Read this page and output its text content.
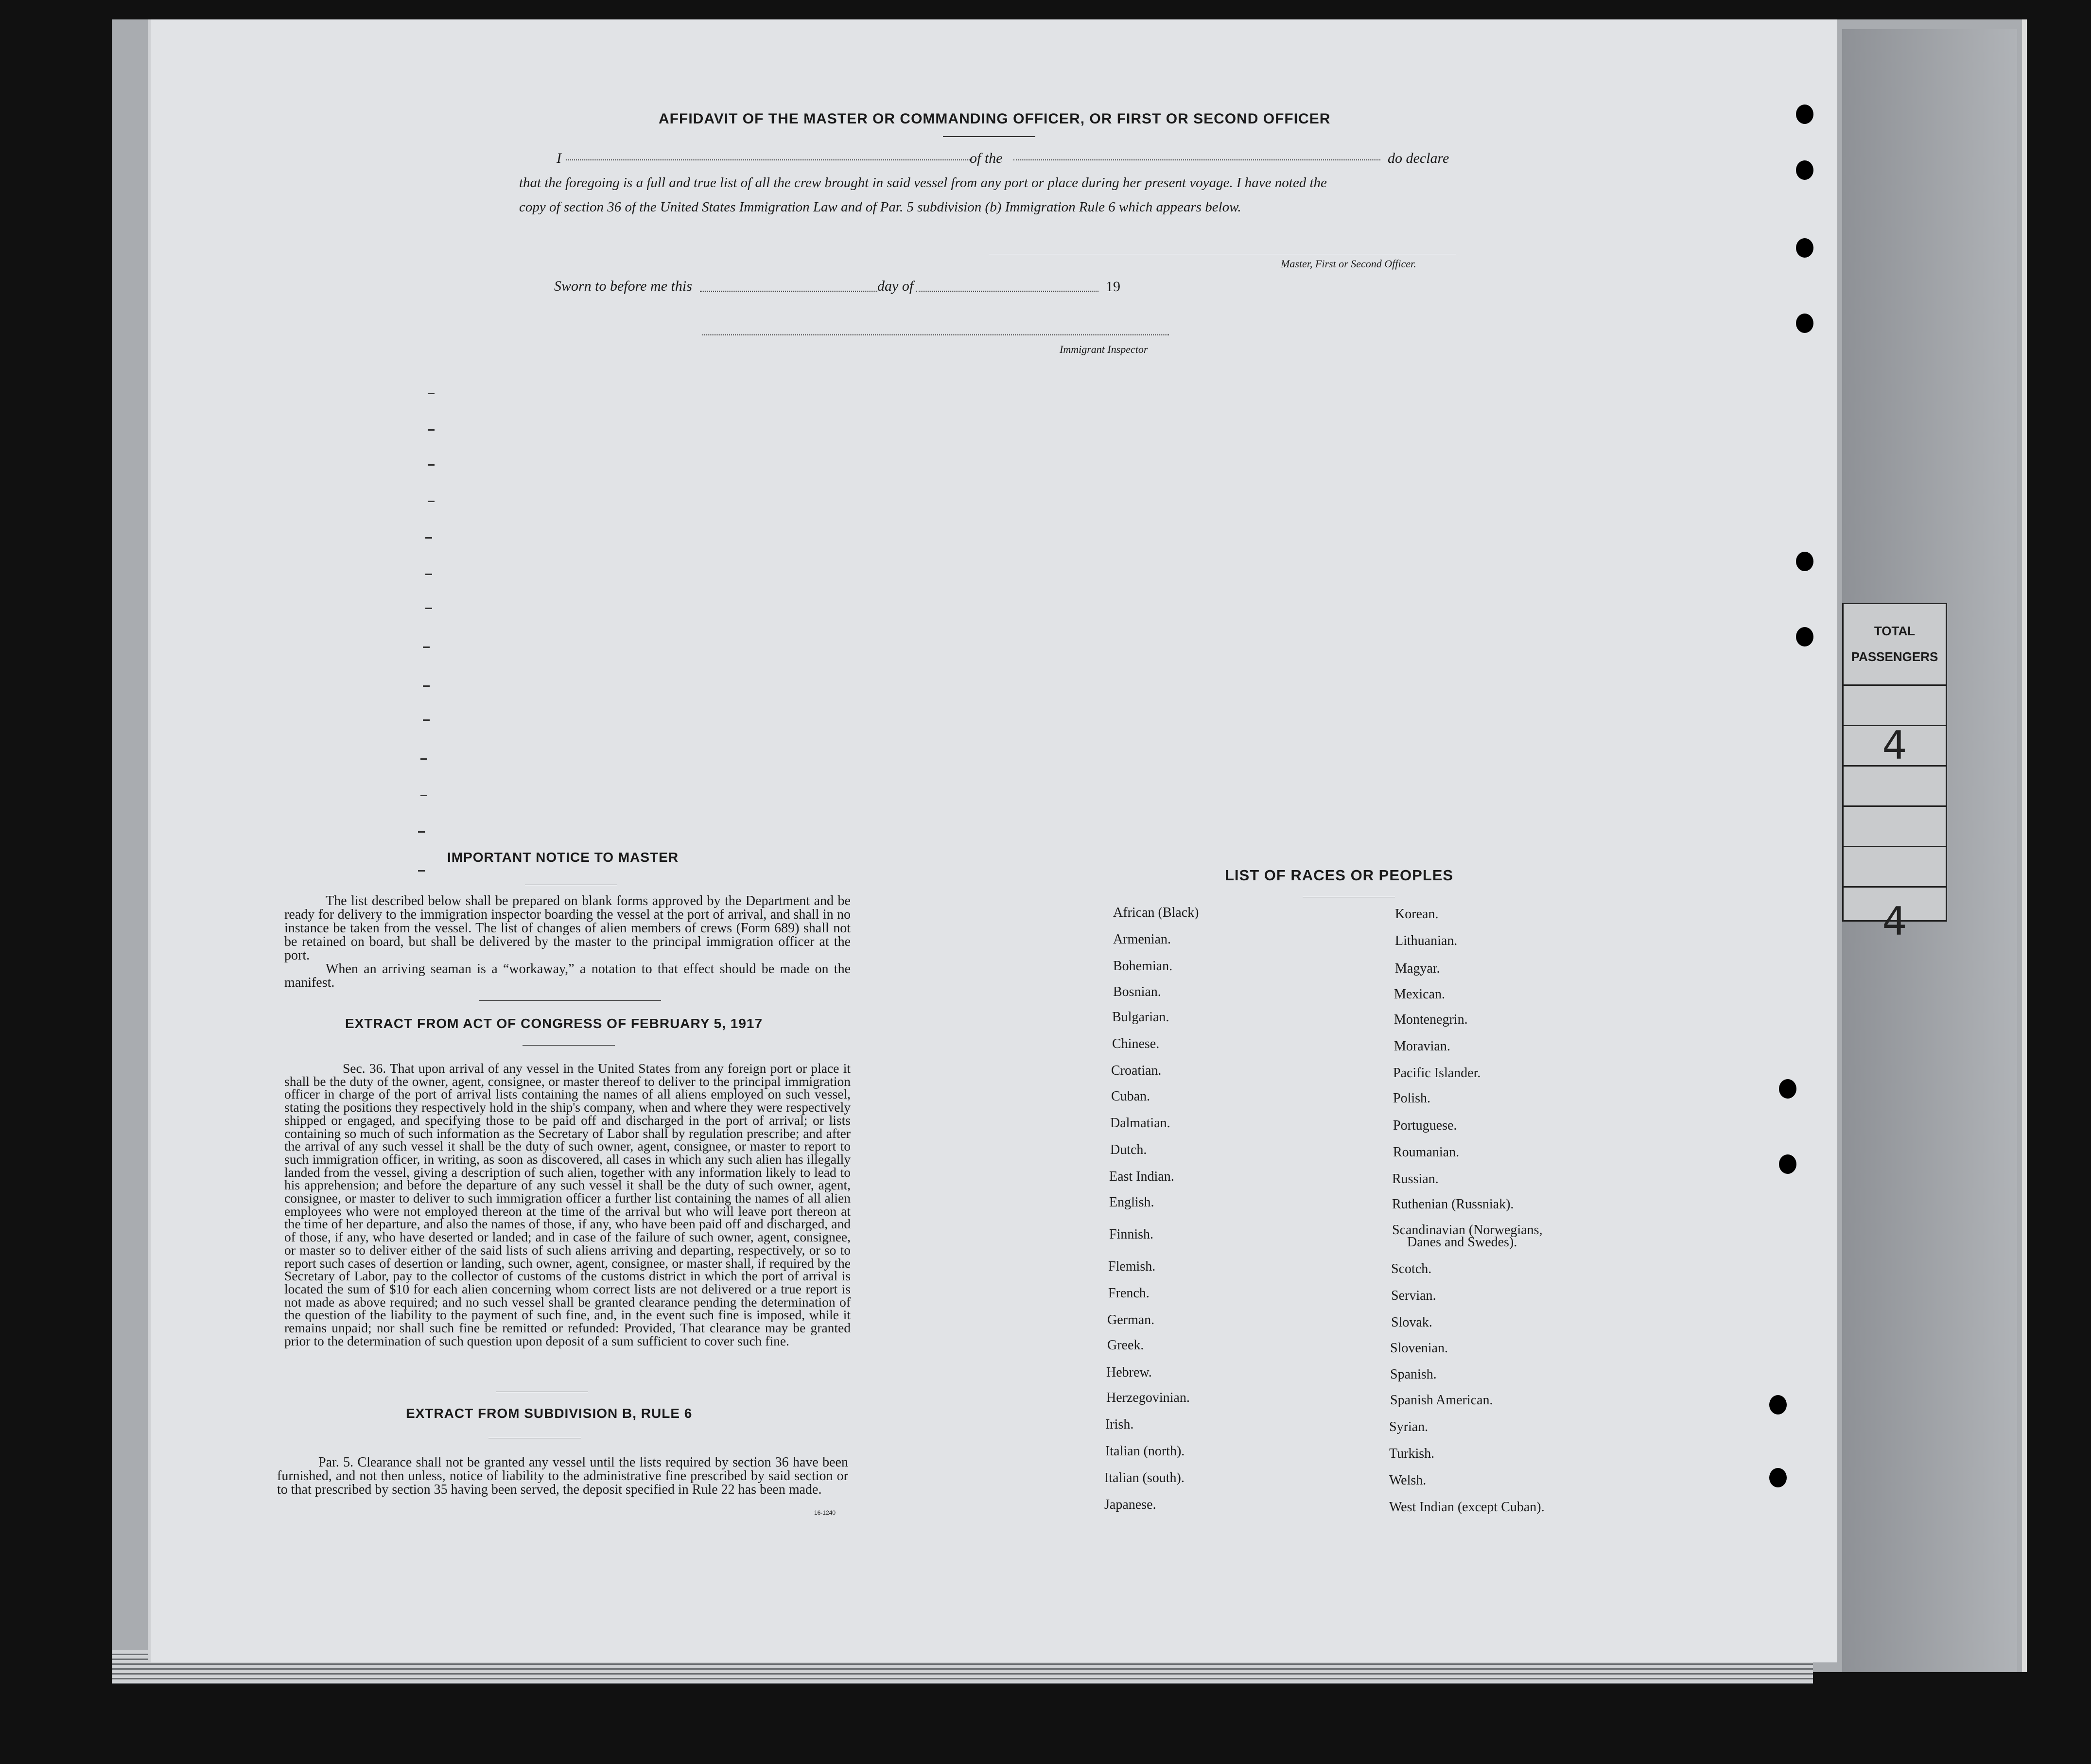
TOTAL
PASSENGERS
4
4
AFFIDAVIT OF THE MASTER OR COMMANDING OFFICER, OR FIRST OR SECOND OFFICER
I	of the	do declare
that the foregoing is a full and true list of all the crew brought in said vessel from any port or place during her present voyage. I have noted the
copy of section 36 of the United States Immigration Law and of Par. 5 subdivision (b) Immigration Rule 6 which appears below.
Master, First or Second Officer.
Sworn to before me this	day of	19
Immigrant Inspector
IMPORTANT NOTICE TO MASTER
The list described below shall be prepared on blank forms approved by the Department and be ready for delivery to the immigration inspector boarding the vessel at the port of arrival, and shall in no instance be taken from the vessel. The list of changes of alien members of crews (Form 689) shall not be retained on board, but shall be delivered by the master to the principal immigration officer at the port.
When an arriving seaman is a “workaway,” a notation to that effect should be made on the manifest.
EXTRACT FROM ACT OF CONGRESS OF FEBRUARY 5, 1917
Sec. 36. That upon arrival of any vessel in the United States from any foreign port or place it shall be the duty of the owner, agent, consignee, or master thereof to deliver to the principal immigration officer in charge of the port of arrival lists containing the names of all aliens employed on such vessel, stating the positions they respectively hold in the ship's company, when and where they were respectively shipped or engaged, and specifying those to be paid off and discharged in the port of arrival; or lists containing so much of such information as the Secretary of Labor shall by regulation prescribe; and after the arrival of any such vessel it shall be the duty of such owner, agent, consignee, or master to report to such immigration officer, in writing, as soon as discovered, all cases in which any such alien has illegally landed from the vessel, giving a description of such alien, together with any information likely to lead to his apprehension; and before the departure of any such vessel it shall be the duty of such owner, agent, consignee, or master to deliver to such immigration officer a further list containing the names of all alien employees who were not employed thereon at the time of the arrival but who will leave port thereon at the time of her departure, and also the names of those, if any, who have been paid off and discharged, and of those, if any, who have deserted or landed; and in case of the failure of such owner, agent, consignee, or master so to deliver either of the said lists of such aliens arriving and departing, respectively, or so to report such cases of desertion or landing, such owner, agent, consignee, or master shall, if required by the Secretary of Labor, pay to the collector of customs of the customs district in which the port of arrival is located the sum of $10 for each alien concerning whom correct lists are not delivered or a true report is not made as above required; and no such vessel shall be granted clearance pending the determination of the question of the liability to the payment of such fine, and, in the event such fine is imposed, while it remains unpaid; nor shall such fine be remitted or refunded: Provided, That clearance may be granted prior to the determination of such question upon deposit of a sum sufficient to cover such fine.
EXTRACT FROM SUBDIVISION B, RULE 6
Par. 5. Clearance shall not be granted any vessel until the lists required by section 36 have been furnished, and not then unless, notice of liability to the administrative fine prescribed by said section or to that prescribed by section 35 having been served, the deposit specified in Rule 22 has been made.
16-1240
LIST OF RACES OR PEOPLES
African (Black)
Armenian.
Bohemian.
Bosnian.
Bulgarian.
Chinese.
Croatian.
Cuban.
Dalmatian.
Dutch.
East Indian.
English.
Finnish.
Flemish.
French.
German.
Greek.
Hebrew.
Herzegovinian.
Irish.
Italian (north).
Italian (south).
Japanese.
Korean.
Lithuanian.
Magyar.
Mexican.
Montenegrin.
Moravian.
Pacific Islander.
Polish.
Portuguese.
Roumanian.
Russian.
Ruthenian (Russniak).
Scandinavian (Norwegians,
Danes and Swedes).
Scotch.
Servian.
Slovak.
Slovenian.
Spanish.
Spanish American.
Syrian.
Turkish.
Welsh.
West Indian (except Cuban).
